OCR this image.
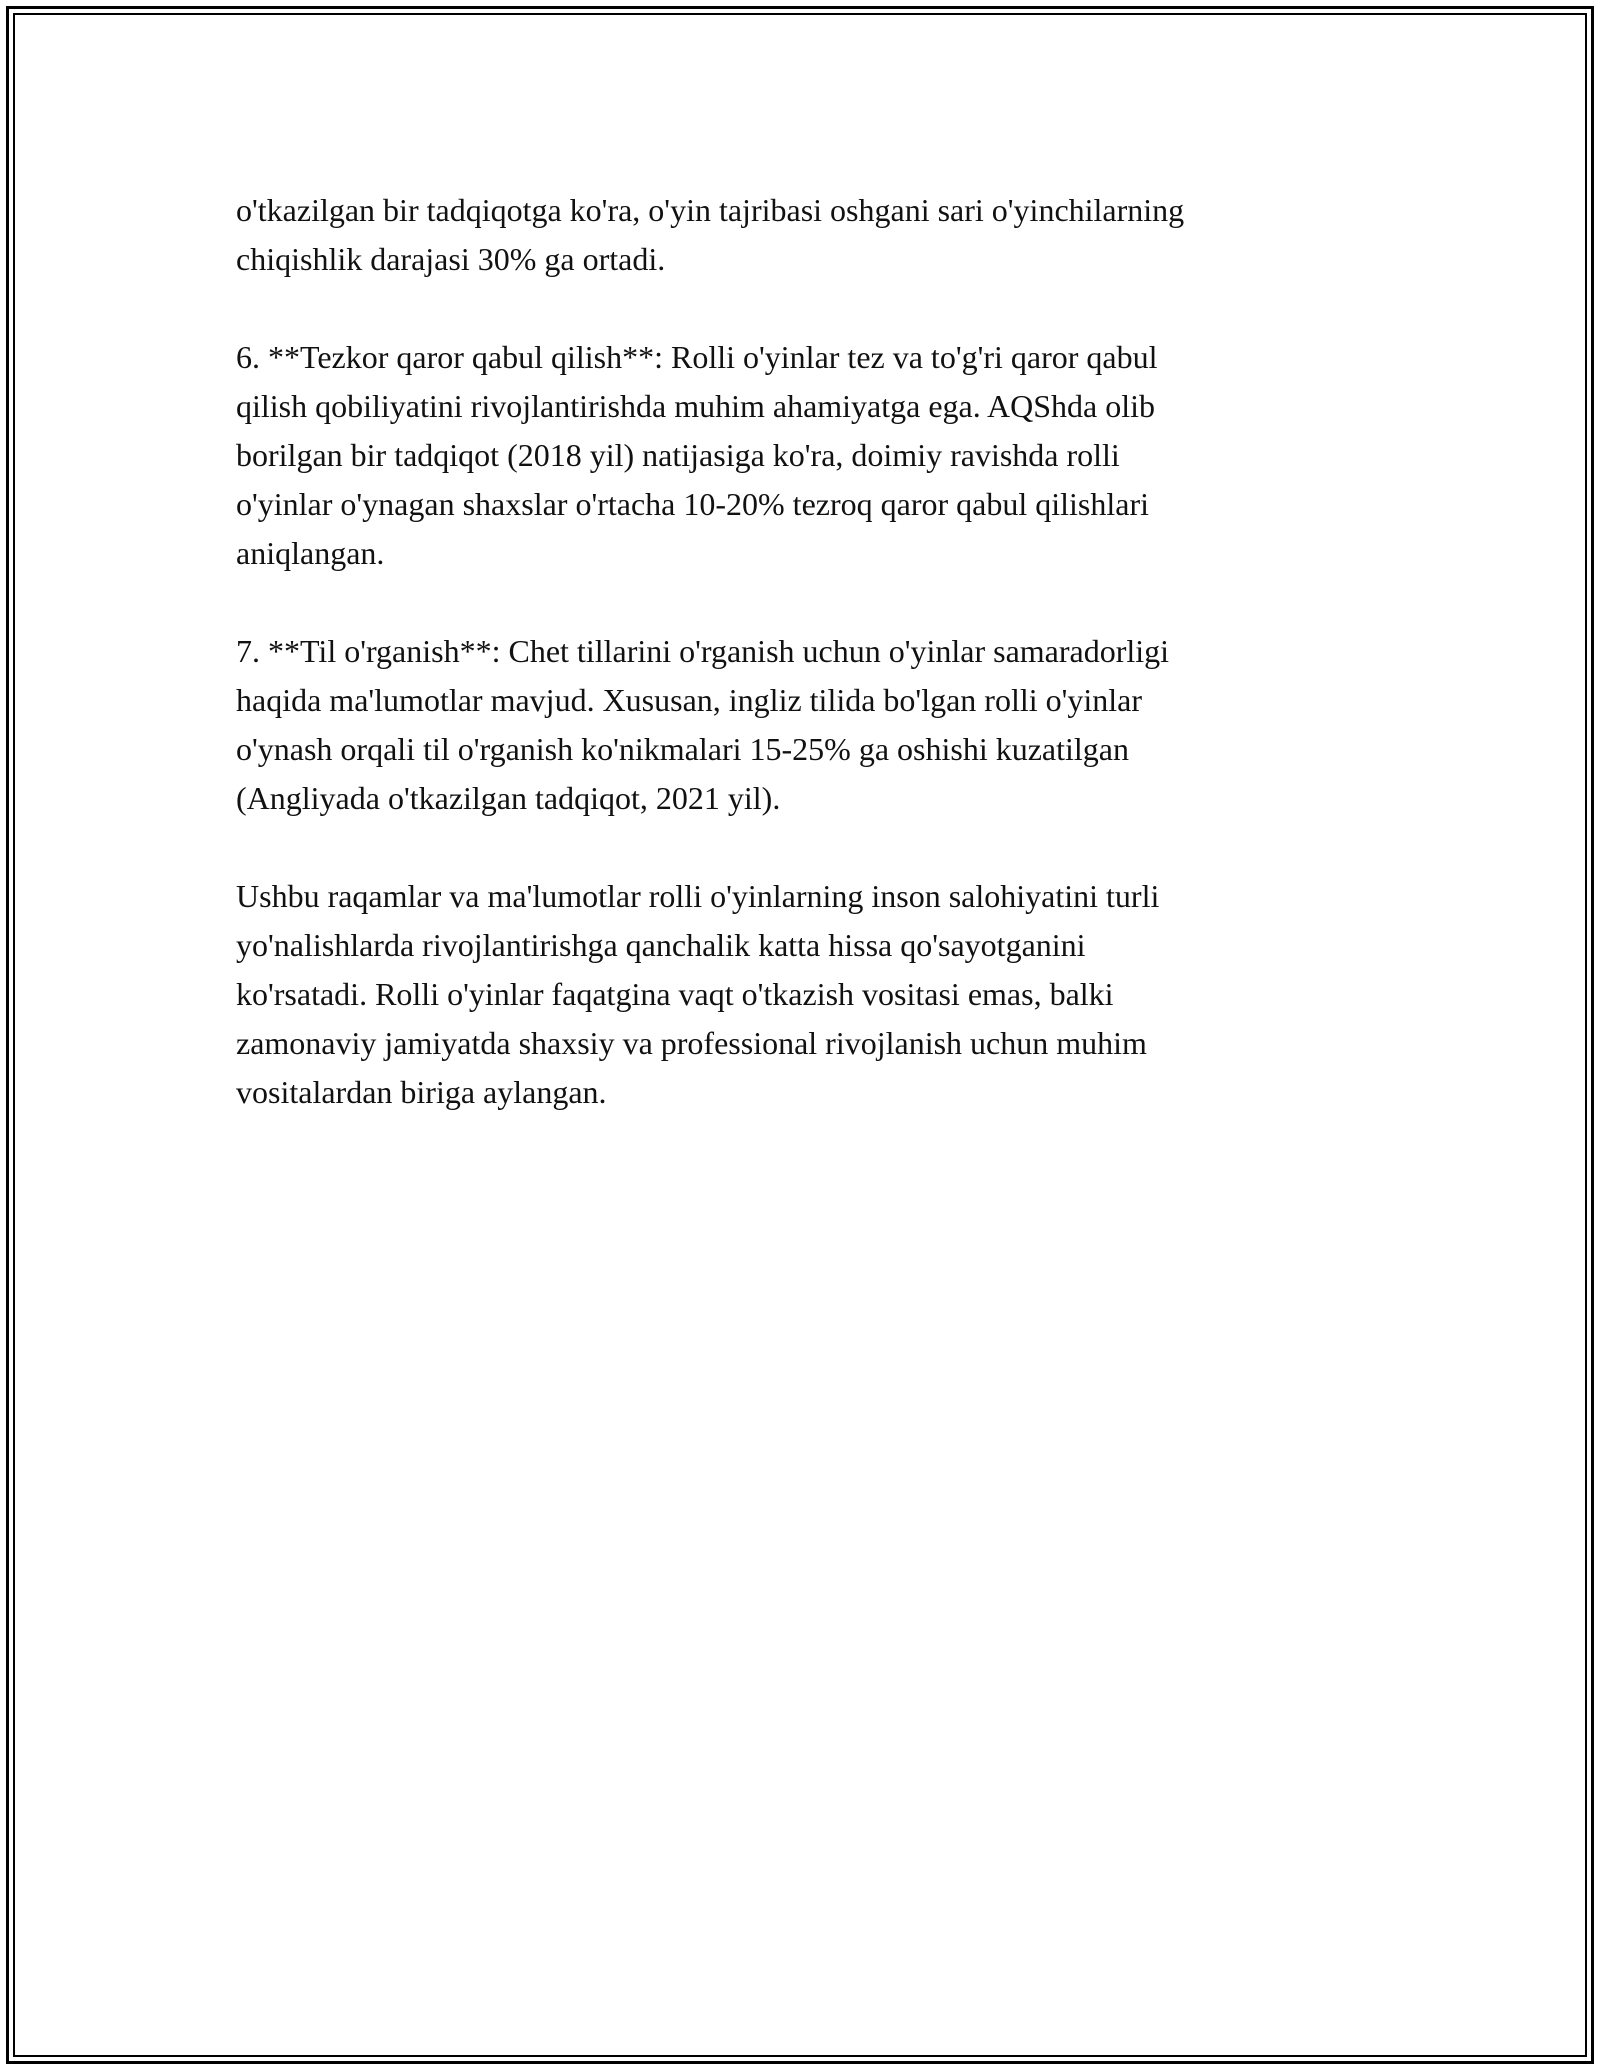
o'tkazilgan bir tadqiqotga ko'ra, o'yin tajribasi oshgani sari o'yinchilarning
chiqishlik darajasi 30% ga ortadi.

6. **Tezkor qaror qabul qilish**: Rolli o'yinlar tez va to'g'ri qaror qabul
qilish qobiliyatini rivojlantirishda muhim ahamiyatga ega. AQShda olib
borilgan bir tadqiqot (2018 yil) natijasiga ko'ra, doimiy ravishda rolli
o'yinlar o'ynagan shaxslar o'rtacha 10-20% tezroq qaror qabul qilishlari
aniqlangan.

7. **Til o'rganish**: Chet tillarini o'rganish uchun o'yinlar samaradorligi
haqida ma'lumotlar mavjud. Xususan, ingliz tilida bo'lgan rolli o'yinlar
o'ynash orqali til o'rganish ko'nikmalari 15-25% ga oshishi kuzatilgan
(Angliyada o'tkazilgan tadqiqot, 2021 yil).

Ushbu raqamlar va ma'lumotlar rolli o'yinlarning inson salohiyatini turli
yo'nalishlarda rivojlantirishga qanchalik katta hissa qo'sayotganini
ko'rsatadi. Rolli o'yinlar faqatgina vaqt o'tkazish vositasi emas, balki
zamonaviy jamiyatda shaxsiy va professional rivojlanish uchun muhim
vositalardan biriga aylangan.
